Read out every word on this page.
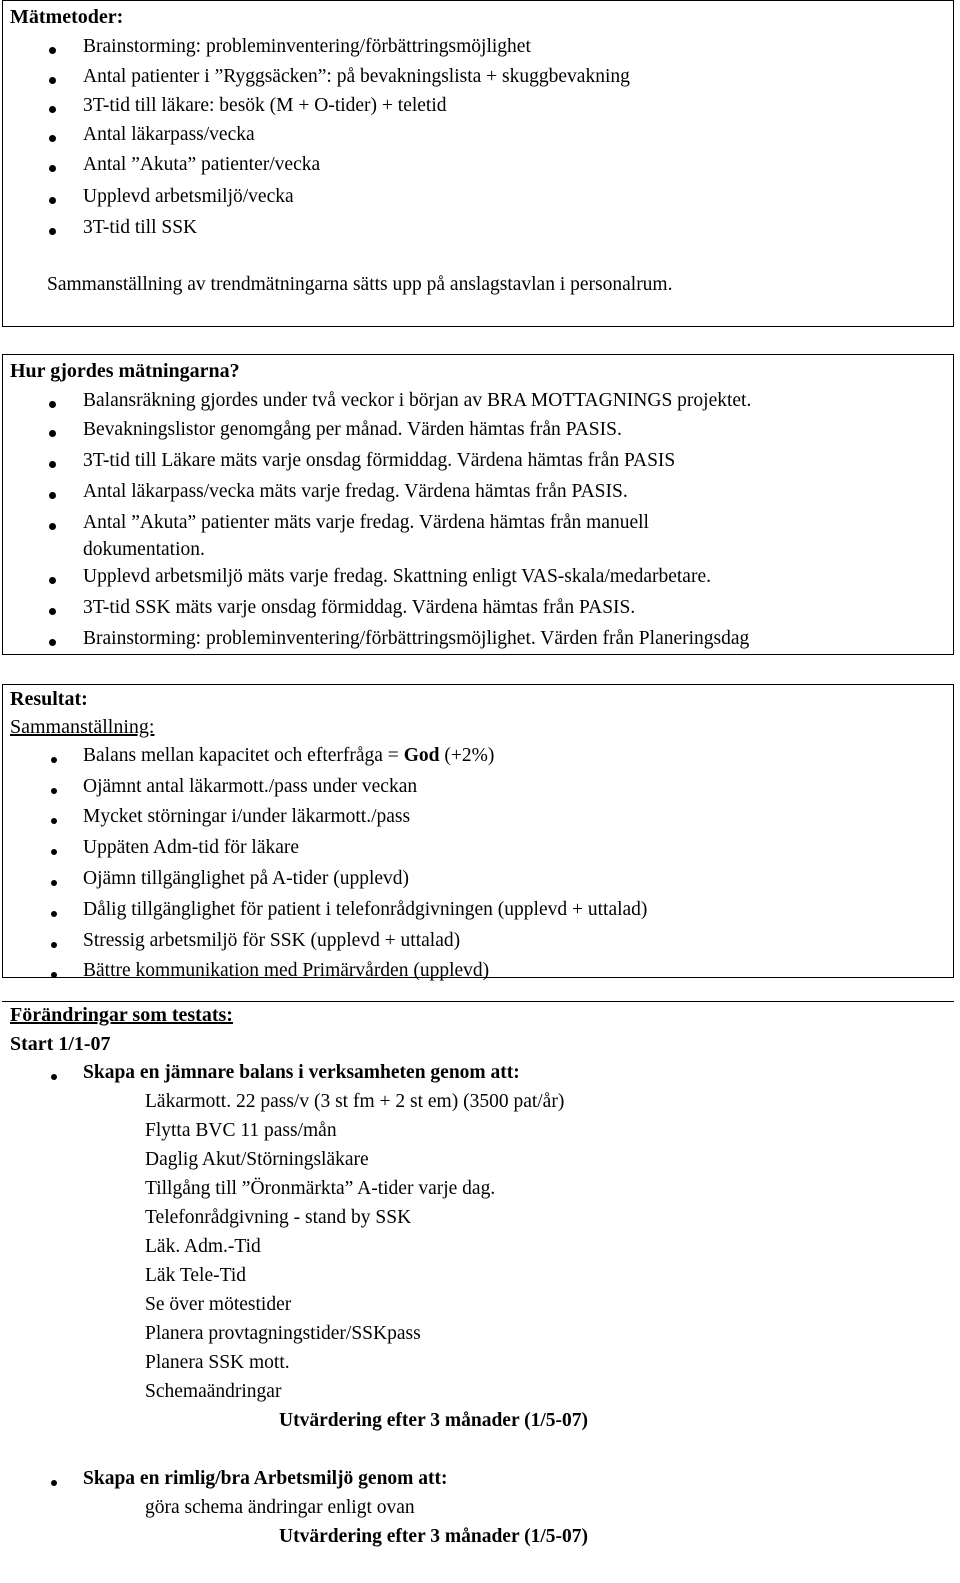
Mätmetoder:
Brainstorming: probleminventering/förbättringsmöjlighet
Antal patienter i ”Ryggsäcken”: på bevakningslista + skuggbevakning
3T-tid till läkare: besök (M + O-tider) + teletid
Antal läkarpass/vecka
Antal ”Akuta” patienter/vecka
Upplevd arbetsmiljö/vecka
3T-tid till SSK
Sammanställning av trendmätningarna sätts upp på anslagstavlan i personalrum.
Hur gjordes mätningarna?
Balansräkning gjordes under två veckor i början av BRA MOTTAGNINGS projektet.
Bevakningslistor genomgång per månad. Värden hämtas från PASIS.
3T-tid till Läkare mäts varje onsdag förmiddag. Värdena hämtas från PASIS
Antal läkarpass/vecka mäts varje fredag. Värdena hämtas från PASIS.
Antal ”Akuta” patienter mäts varje fredag. Värdena hämtas från manuell
dokumentation.
Upplevd arbetsmiljö mäts varje fredag. Skattning enligt VAS-skala/medarbetare.
3T-tid SSK mäts varje onsdag förmiddag. Värdena hämtas från PASIS.
Brainstorming: probleminventering/förbättringsmöjlighet. Värden från Planeringsdag
Resultat:
Sammanställning:
Balans mellan kapacitet och efterfråga = God (+2%)
Ojämnt antal läkarmott./pass under veckan
Mycket störningar i/under läkarmott./pass
Uppäten Adm-tid för läkare
Ojämn tillgänglighet på A-tider (upplevd)
Dålig tillgänglighet för patient i telefonrådgivningen (upplevd + uttalad)
Stressig arbetsmiljö för SSK (upplevd + uttalad)
Bättre kommunikation med Primärvården (upplevd)
Förändringar som testats:
Start 1/1-07
Skapa en jämnare balans i verksamheten genom att:
Läkarmott. 22 pass/v (3 st fm + 2 st em) (3500 pat/år)
Flytta BVC 11 pass/mån
Daglig Akut/Störningsläkare
Tillgång till ”Öronmärkta” A-tider varje dag.
Telefonrådgivning - stand by SSK
Läk. Adm.-Tid
Läk Tele-Tid
Se över mötestider
Planera provtagningstider/SSKpass
Planera SSK mott.
Schemaändringar
Utvärdering efter 3 månader (1/5-07)
Skapa en rimlig/bra Arbetsmiljö genom att:
göra schema ändringar enligt ovan
Utvärdering efter 3 månader (1/5-07)
